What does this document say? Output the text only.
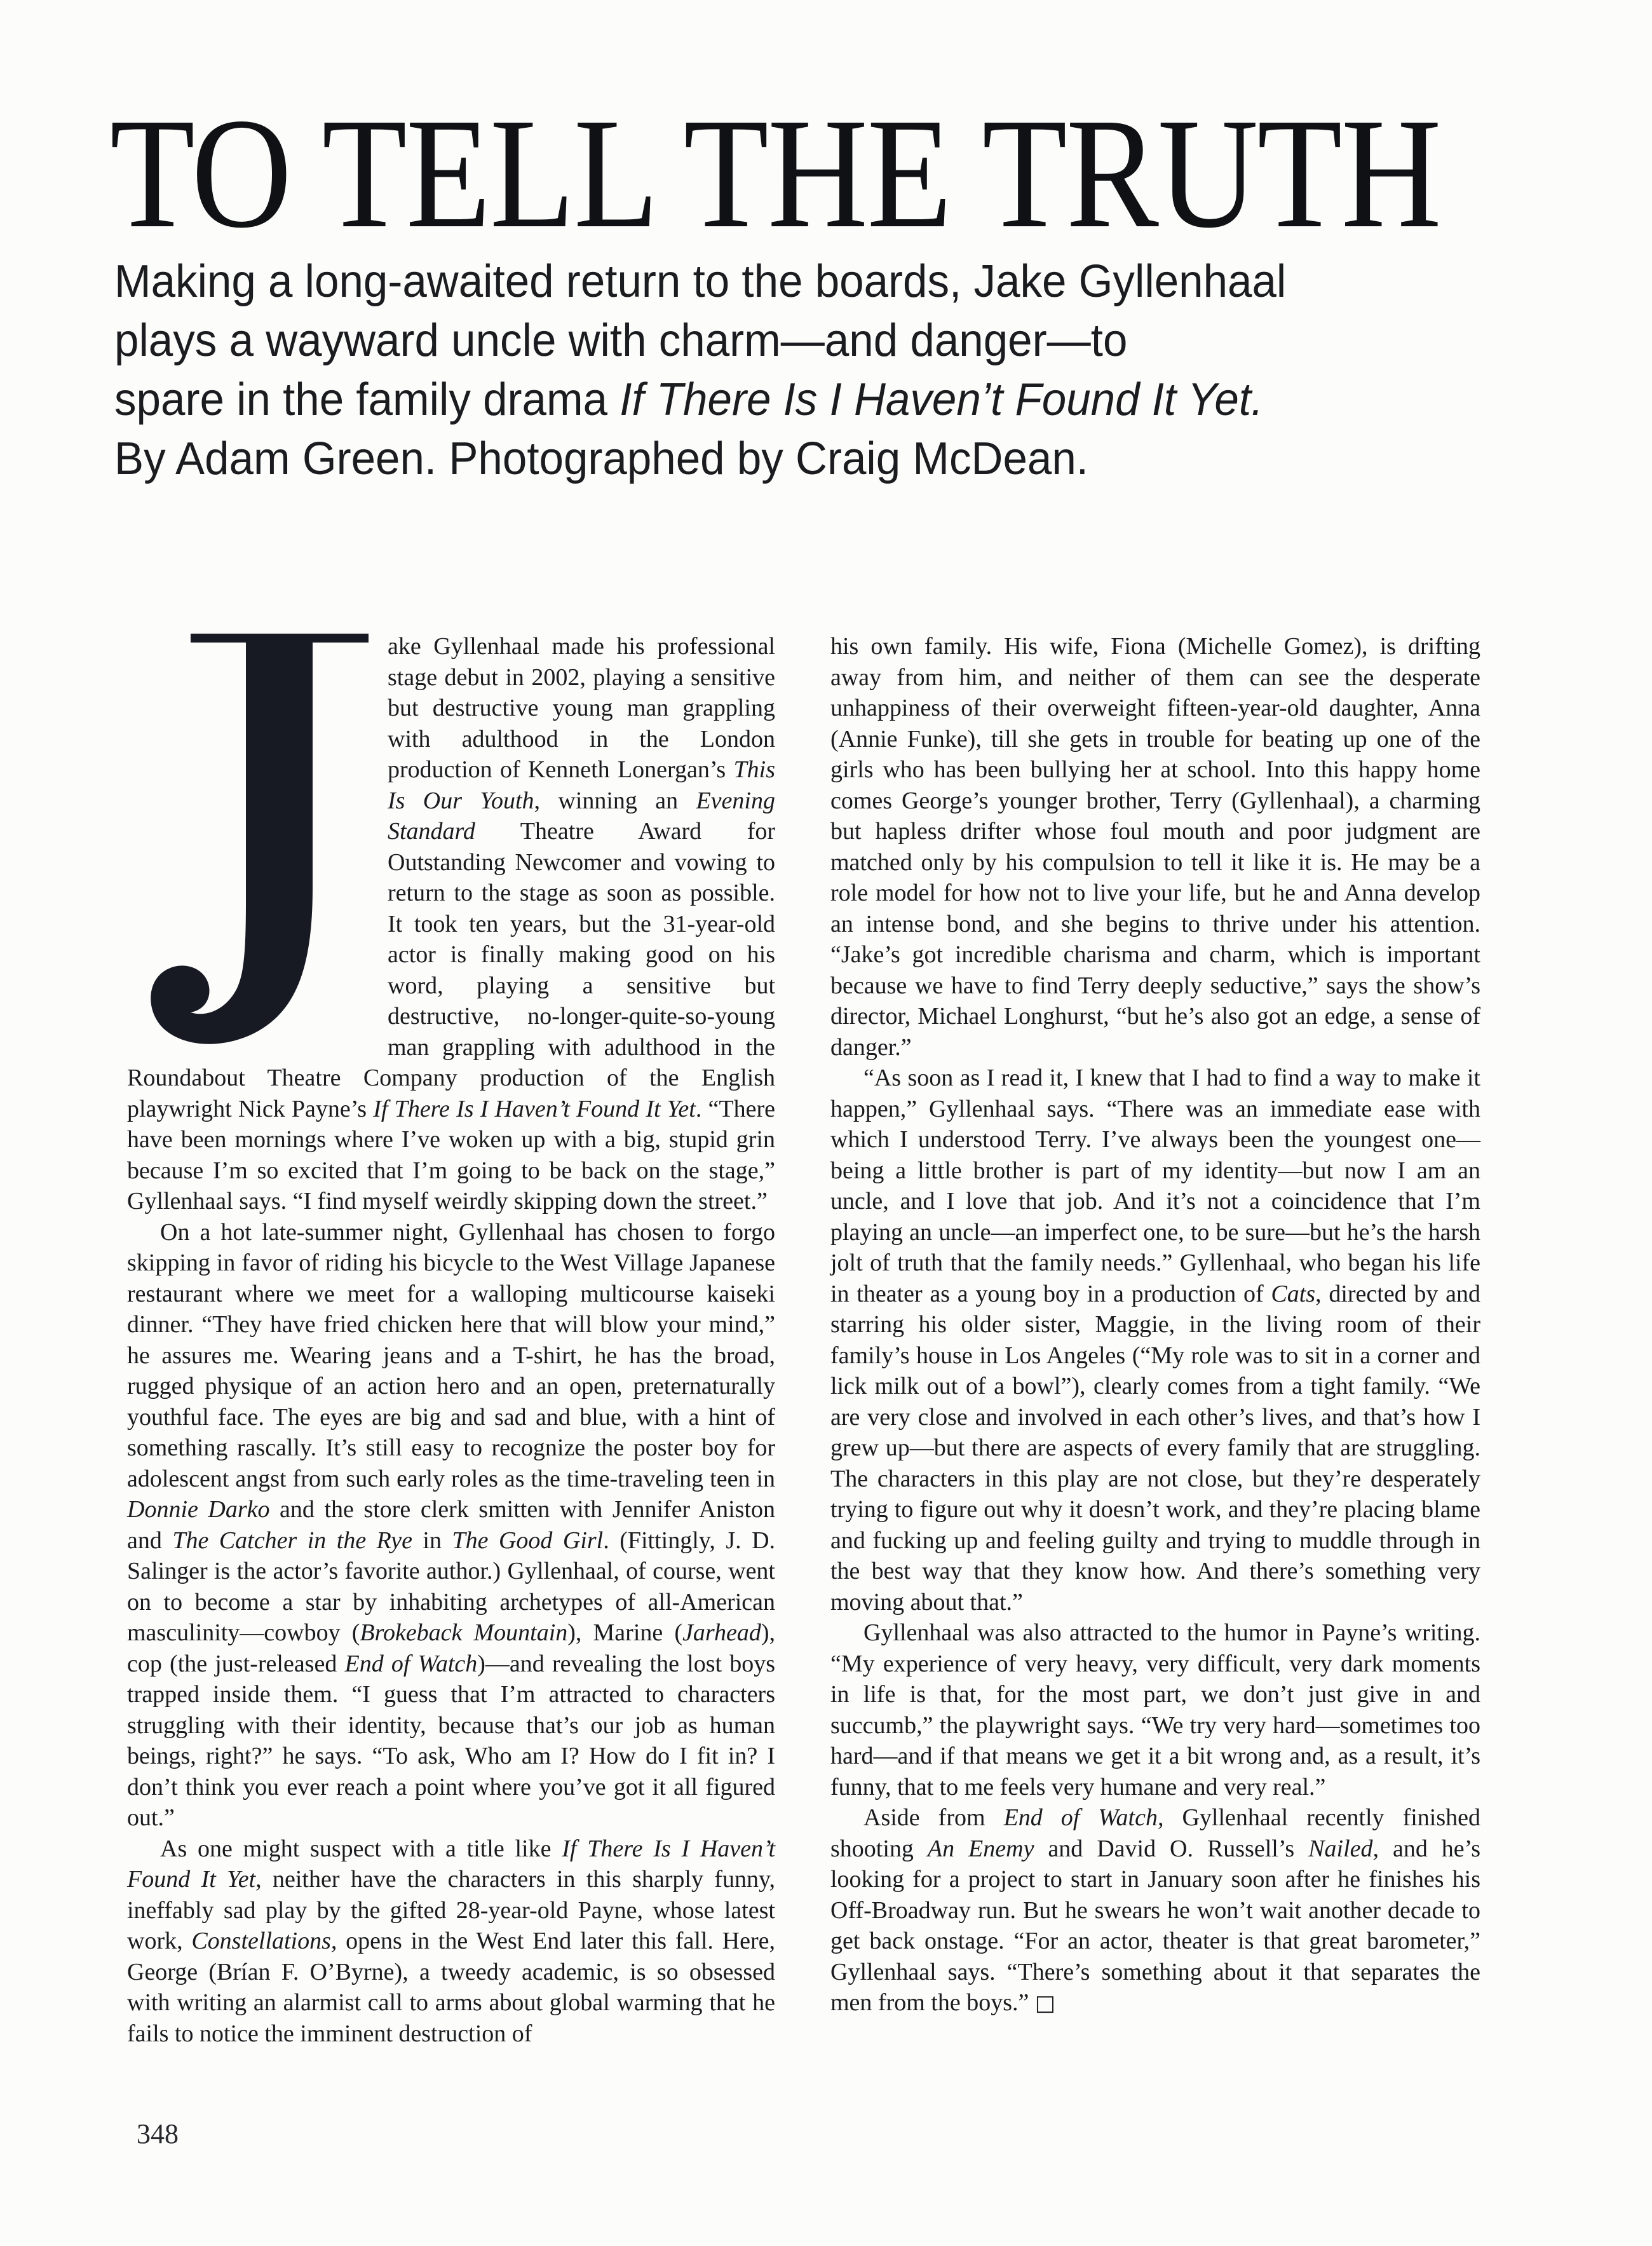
TO TELL THE TRUTH
Making a long-awaited return to the boards, Jake Gyllenhaal
plays a wayward uncle with charm—and danger—to
spare in the family drama If There Is I Haven’t Found It Yet.
By Adam Green. Photographed by Craig McDean.

ake Gyllenhaal made his professional stage debut in 2002, playing a sensitive but destructive young man grappling with adulthood in the London production of Kenneth Lonergan’s This Is Our Youth, winning an Evening Standard Theatre Award for Outstanding Newcomer and vowing to return to the stage as soon as possible. It took ten years, but the 31-year-old actor is finally making good on his word, playing a sensitive but destructive, no-longer-quite-so-young man grappling with adulthood in the Roundabout Theatre Company production of the English playwright Nick Payne’s If There Is I Haven’t Found It Yet. “There have been mornings where I’ve woken up with a big, stupid grin because I’m so excited that I’m going to be back on the stage,” Gyllenhaal says. “I find myself weirdly skipping down the street.”

On a hot late-summer night, Gyllenhaal has chosen to forgo skipping in favor of riding his bicycle to the West Village Japanese restaurant where we meet for a walloping multicourse kaiseki dinner. “They have fried chicken here that will blow your mind,” he assures me. Wearing jeans and a T-shirt, he has the broad, rugged physique of an action hero and an open, preternaturally youthful face. The eyes are big and sad and blue, with a hint of something rascally. It’s still easy to recognize the poster boy for adolescent angst from such early roles as the time-traveling teen in Donnie Darko and the store clerk smitten with Jennifer Aniston and The Catcher in the Rye in The Good Girl. (Fittingly, J. D. Salinger is the actor’s favorite author.) Gyllenhaal, of course, went on to become a star by inhabiting archetypes of all-American masculinity—cowboy (Brokeback Mountain), Marine (Jarhead), cop (the just-released End of Watch)—and revealing the lost boys trapped inside them. “I guess that I’m attracted to characters struggling with their identity, because that’s our job as human beings, right?” he says. “To ask, Who am I? How do I fit in? I don’t think you ever reach a point where you’ve got it all figured out.”

As one might suspect with a title like If There Is I Haven’t Found It Yet, neither have the characters in this sharply funny, ineffably sad play by the gifted 28-year-old Payne, whose latest work, Constellations, opens in the West End later this fall. Here, George (Brían F. O’Byrne), a tweedy academic, is so obsessed with writing an alarmist call to arms about global warming that he fails to notice the imminent destruction of

his own family. His wife, Fiona (Michelle Gomez), is drifting away from him, and neither of them can see the desperate unhappiness of their overweight fifteen-year-old daughter, Anna (Annie Funke), till she gets in trouble for beating up one of the girls who has been bullying her at school. Into this happy home comes George’s younger brother, Terry (Gyllenhaal), a charming but hapless drifter whose foul mouth and poor judgment are matched only by his compulsion to tell it like it is. He may be a role model for how not to live your life, but he and Anna develop an intense bond, and she begins to thrive under his attention. “Jake’s got incredible charisma and charm, which is important because we have to find Terry deeply seductive,” says the show’s director, Michael Longhurst, “but he’s also got an edge, a sense of danger.”

“As soon as I read it, I knew that I had to find a way to make it happen,” Gyllenhaal says. “There was an immediate ease with which I understood Terry. I’ve always been the youngest one—being a little brother is part of my identity—but now I am an uncle, and I love that job. And it’s not a coincidence that I’m playing an uncle—an imperfect one, to be sure—but he’s the harsh jolt of truth that the family needs.” Gyllenhaal, who began his life in theater as a young boy in a production of Cats, directed by and starring his older sister, Maggie, in the living room of their family’s house in Los Angeles (“My role was to sit in a corner and lick milk out of a bowl”), clearly comes from a tight family. “We are very close and involved in each other’s lives, and that’s how I grew up—but there are aspects of every family that are struggling. The characters in this play are not close, but they’re desperately trying to figure out why it doesn’t work, and they’re placing blame and fucking up and feeling guilty and trying to muddle through in the best way that they know how. And there’s something very moving about that.”

Gyllenhaal was also attracted to the humor in Payne’s writing. “My experience of very heavy, very difficult, very dark moments in life is that, for the most part, we don’t just give in and succumb,” the playwright says. “We try very hard—sometimes too hard—and if that means we get it a bit wrong and, as a result, it’s funny, that to me feels very humane and very real.”

Aside from End of Watch, Gyllenhaal recently finished shooting An Enemy and David O. Russell’s Nailed, and he’s looking for a project to start in January soon after he finishes his Off-Broadway run. But he swears he won’t wait another decade to get back onstage. “For an actor, theater is that great barometer,” Gyllenhaal says. “There’s something about it that separates the men from the boys.” □

348
